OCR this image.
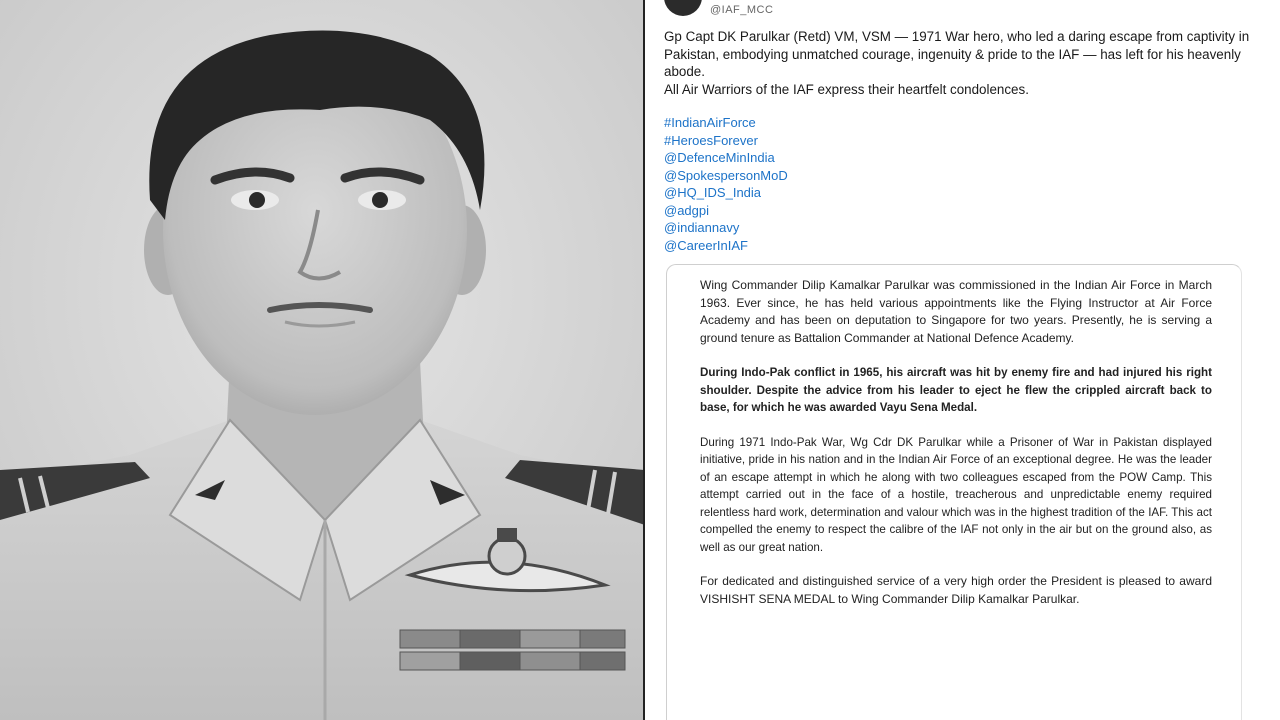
@IAF_MCC

Gp Capt DK Parulkar (Retd) VM, VSM — 1971 War hero, who led a daring escape from captivity in Pakistan, embodying unmatched courage, ingenuity & pride to the IAF — has left for his heavenly abode.

All Air Warriors of the IAF express their heartfelt condolences.

#IndianAirForce
#HeroesForever
@DefenceMinIndia
@SpokespersonMoD
@HQ_IDS_India
@adgpi
@indiannavy
@CareerInIAF

Wing Commander Dilip Kamalkar Parulkar was commissioned in the Indian Air Force in March 1963. Ever since, he has held various appointments like the Flying Instructor at Air Force Academy and has been on deputation to Singapore for two years. Presently, he is serving a ground tenure as Battalion Commander at National Defence Academy.

During Indo-Pak conflict in 1965, his aircraft was hit by enemy fire and had injured his right shoulder. Despite the advice from his leader to eject he flew the crippled aircraft back to base, for which he was awarded Vayu Sena Medal.

During 1971 Indo-Pak War, Wg Cdr DK Parulkar while a Prisoner of War in Pakistan displayed initiative, pride in his nation and in the Indian Air Force of an exceptional degree. He was the leader of an escape attempt in which he along with two colleagues escaped from the POW Camp. This attempt carried out in the face of a hostile, treacherous and unpredictable enemy required relentless hard work, determination and valour which was in the highest tradition of the IAF. This act compelled the enemy to respect the calibre of the IAF not only in the air but on the ground also, as well as our great nation.

For dedicated and distinguished service of a very high order the President is pleased to award VISHISHT SENA MEDAL to Wing Commander Dilip Kamalkar Parulkar.
